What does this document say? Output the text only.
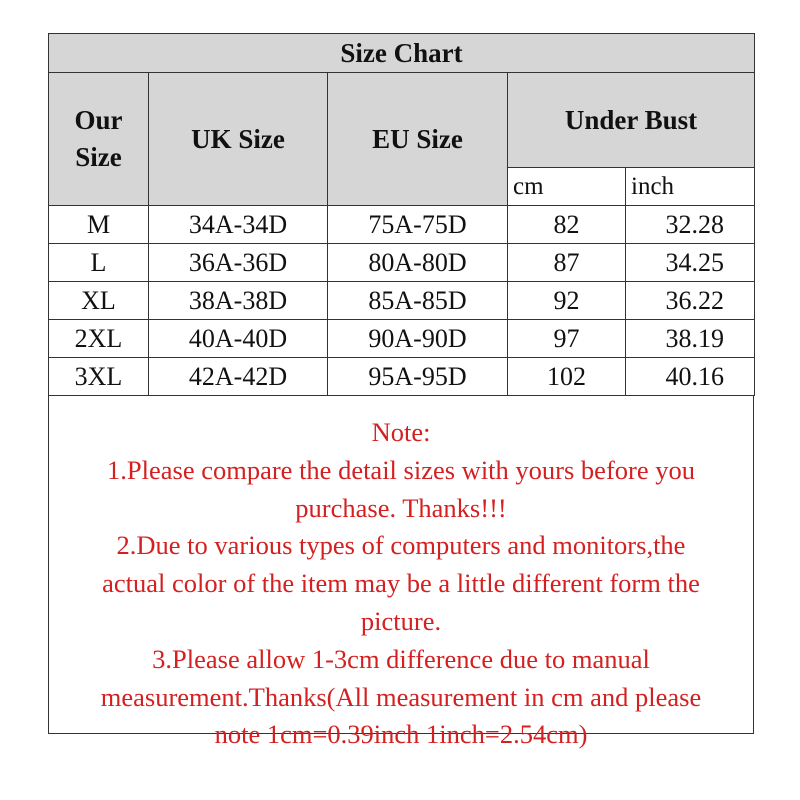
Size Chart				

Our
Size	UK Size	EU Size	Under Bust	
			cm	inch
M	34A-34D	75A-75D	82	32.28
L	36A-36D	80A-80D	87	34.25
XL	38A-38D	85A-85D	92	36.22
2XL	40A-40D	90A-90D	97	38.19
3XL	42A-42D	95A-95D	102	40.16
Note:
1.Please compare the detail sizes with yours before you
purchase. Thanks!!!
2.Due to various types of computers and monitors,the
actual color of the item may be a little different form the
picture.
3.Please allow 1-3cm difference due to manual
measurement.Thanks(All measurement in cm and please
note 1cm=0.39inch 1inch=2.54cm)
